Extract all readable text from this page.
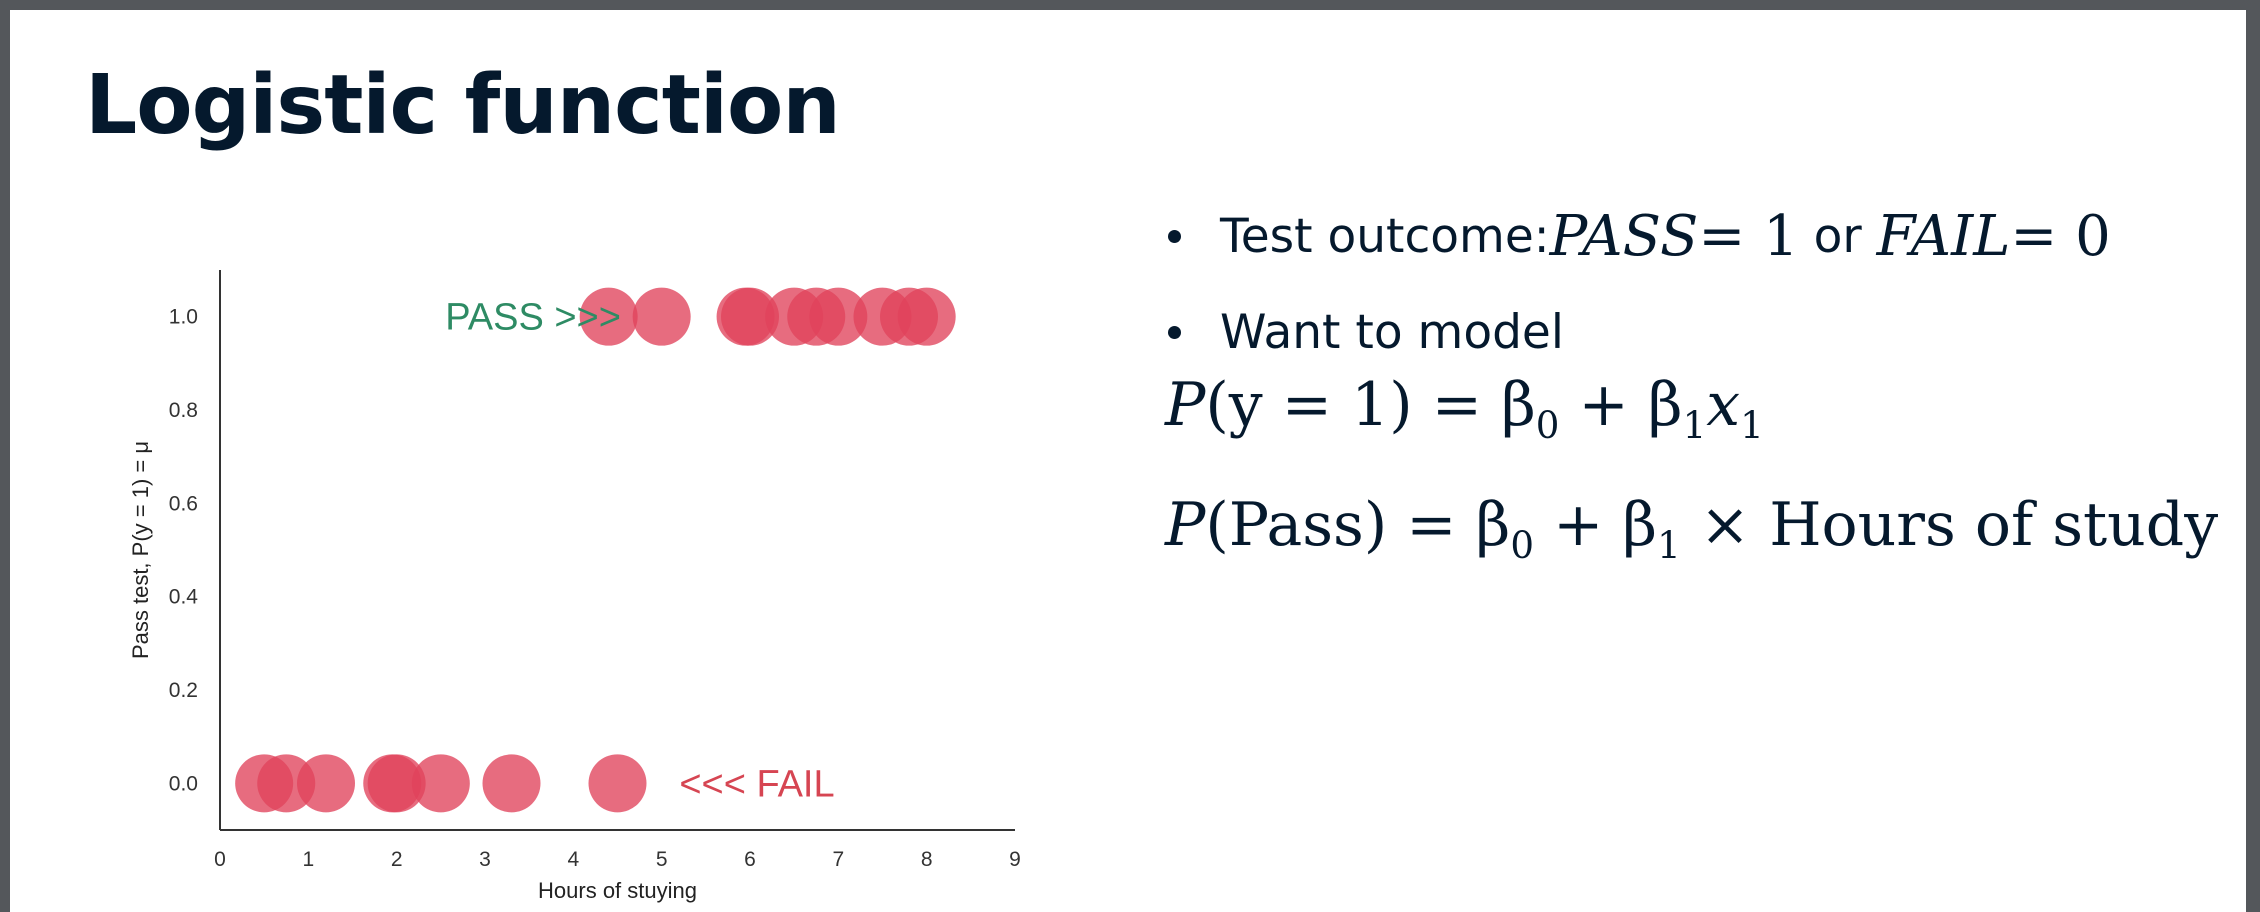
Logistic function
0	1	2	3	4	5	6	7	8	9
0.0
0.2
0.4
0.6
0.8
1.0
Hours of stuying
Pass test, P(y = 1) = μ
PASS >>>
<<< FAIL
Test outcome: PASS = 1 or FAIL = 0
Want to model
$P(y = 1) = \beta_0 + \beta_1x_1$
P(Pass) = $\beta_0 + \beta_1$ × Hours of study
